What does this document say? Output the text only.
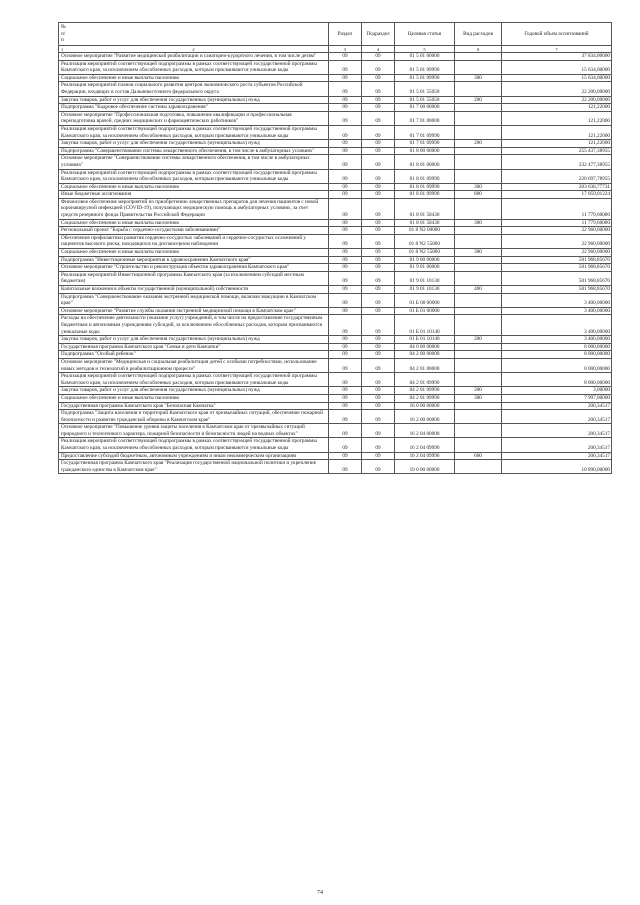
№ п/п		Раздел	Подраздел	Целевая статья	Вид расходов	Годовой объем ассигнований
1	2	3	4	5	6	7
	Основное мероприятие "Развитие медицинской реабилитации и санаторно-курортного лечения, в том числе детям"	09	09	01 5 01 00000		37 834,00000
	Реализация мероприятий соответствующей подпрограммы в рамках соответствующей государственной программы Камчатского края, за исключением обособленных расходов, которым присваиваются уникальные коды	09	09	01 5 01 09990		15 634,00000
	Социальное обеспечение и иные выплаты населению	09	09	01 5 01 09990	300	15 634,00000
	Реализация мероприятий планов социального развития центров экономического роста субъектов Российской Федерации, входящих в состав Дальневосточного федерального округа	09	09	01 5 01 55050		22 200,00000
	Закупка товаров, работ и услуг для обеспечения государственных (муниципальных) нужд	09	09	01 5 01 55050	200	22 200,00000
	Подпрограмма "Кадровое обеспечение системы здравоохранения"	09	09	01 7 00 00000		121,22000
	Основное мероприятие "Профессиональная подготовка, повышение квалификации и профессиональная переподготовка врачей, средних медицинских и фармацевтических работников"	09	09	01 7 01 00000		121,22000
	Реализация мероприятий соответствующей подпрограммы в рамках соответствующей государственной программы Камчатского края, за исключением обособленных расходов, которым присваиваются уникальные коды	09	09	01 7 01 09990		121,22000
	Закупка товаров, работ и услуг для обеспечения государственных (муниципальных) нужд	09	09	01 7 01 09990	200	121,22000
	Подпрограмма "Совершенствование системы лекарственного обеспечения, в том числе в амбулаторных условиях"	09	09	01 8 00 00000		255 437,38955
	Основное мероприятие "Совершенствование системы лекарственного обеспечения, в том числе в амбулаторных условиях"	09	09	01 8 01 00000		232 477,38955
	Реализация мероприятий соответствующей подпрограммы в рамках соответствующей государственной программы Камчатского края, за исключением обособленных расходов, которым присваиваются уникальные коды	09	09	01 8 01 09990		220 697,78955
	Социальное обеспечение и иные выплаты населению	09	09	01 8 01 09990	300	203 638,77731
	Иные бюджетные ассигнования	09	09	01 8 01 09990	800	17 059,01224
	Финансовое обеспечение мероприятий по приобретению лекарственных препаратов для лечения пациентов с новой коронавирусной инфекцией (COVID-19), получающих медицинскую помощь в амбулаторных условиях, за счет средств резервного фонда Правительства Российской Федерации	09	09	01 8 01 58430		11 779,60000
	Социальное обеспечение и иные выплаты населению	09	09	01 8 01 58430	300	11 779,60000
	Региональный проект "Борьба с сердечно-сосудистыми заболеваниями"	09	09	01 8 N2 00000		22 960,00000
	Обеспечение профилактики развития сердечно-сосудистых заболеваний и сердечно-сосудистых осложнений у пациентов высокого риска, находящихся на диспансерном наблюдении	09	09	01 8 N2 55860		22 960,00000
	Социальное обеспечение и иные выплаты населению	09	09	01 8 N2 55860	300	22 960,00000
	Подпрограмма "Инвестиционные мероприятия в здравоохранении Камчатского края"	09	09	01 9 00 00000		501 968,85670
	Основное мероприятие "Строительство и реконструкция объектов здравоохранения Камчатского края"	09	09	01 9 01 00000		501 968,85670
	Реализация мероприятий Инвестиционной программы Камчатского края (за исключением субсидий местным бюджетам)	09	09	01 9 01 10130		501 968,85670
	Капитальные вложения в объекты государственной (муниципальной) собственности	09	09	01 9 01 10130	400	501 968,85670
	Подпрограмма "Совершенствование оказания экстренной медицинской помощи, включая эвакуацию в Камчатском крае"	09	09	01 Б 00 00000		3 400,00000
	Основное мероприятие "Развитие службы оказания экстренной медицинской помощи в Камчатском крае"	09	09	01 Б 01 00000		3 400,00000
	Расходы на обеспечение деятельности (оказание услуг) учреждений, в том числе на предоставление государственным бюджетным и автономным учреждениям субсидий, за исключением обособленных расходов, которым присваиваются уникальные коды	09	09	01 Б 01 10140		3 400,00000
	Закупка товаров, работ и услуг для обеспечения государственных (муниципальных) нужд	09	09	01 Б 01 10140	200	3 400,00000
	Государственная программа Камчатского края "Семья и дети Камчатки"	09	09	04 0 00 00000		8 000,00000
	Подпрограмма "Особый ребенок"	09	09	04 2 00 00000		8 000,00000
	Основное мероприятие "Медицинская и социальная реабилитация детей с особыми потребностями, использование новых методов и технологий в реабилитационном процессе"	09	09	04 2 01 00000		8 000,00000
	Реализация мероприятий соответствующей подпрограммы в рамках соответствующей государственной программы Камчатского края, за исключением обособленных расходов, которым присваиваются уникальные коды	09	09	04 2 01 09990		8 000,00000
	Закупка товаров, работ и услуг для обеспечения государственных (муниципальных) нужд	09	09	04 2 01 09990	200	3,00000
	Социальное обеспечение и иные выплаты населению	09	09	04 2 01 09990	300	7 997,00000
	Государственная программа Камчатского края "Безопасная Камчатка"	09	09	16 0 00 00000		200,34517
	Подпрограмма "Защита населения и территорий Камчатского края от чрезвычайных ситуаций, обеспечение пожарной безопасности и развитие гражданской обороны в Камчатском крае"	09	09	16 2 00 00000		200,34517
	Основное мероприятие "Повышение уровня защиты населения в Камчатском крае от чрезвычайных ситуаций природного и техногенного характера, пожарной безопасности и безопасности людей на водных объектах"	09	09	16 2 04 00000		200,34517
	Реализация мероприятий соответствующей подпрограммы в рамках соответствующей государственной программы Камчатского края, за исключением обособленных расходов, которым присваиваются уникальные коды	09	09	16 2 04 09990		200,34517
	Предоставление субсидий бюджетным, автономным учреждениям и иным некоммерческим организациям	09	09	16 2 04 09990	600	200,34517
	Государственная программа Камчатского края "Реализация государственной национальной политики и укрепление гражданского единства в Камчатском крае"	09	09	19 0 00 00000		10 890,00000
74
